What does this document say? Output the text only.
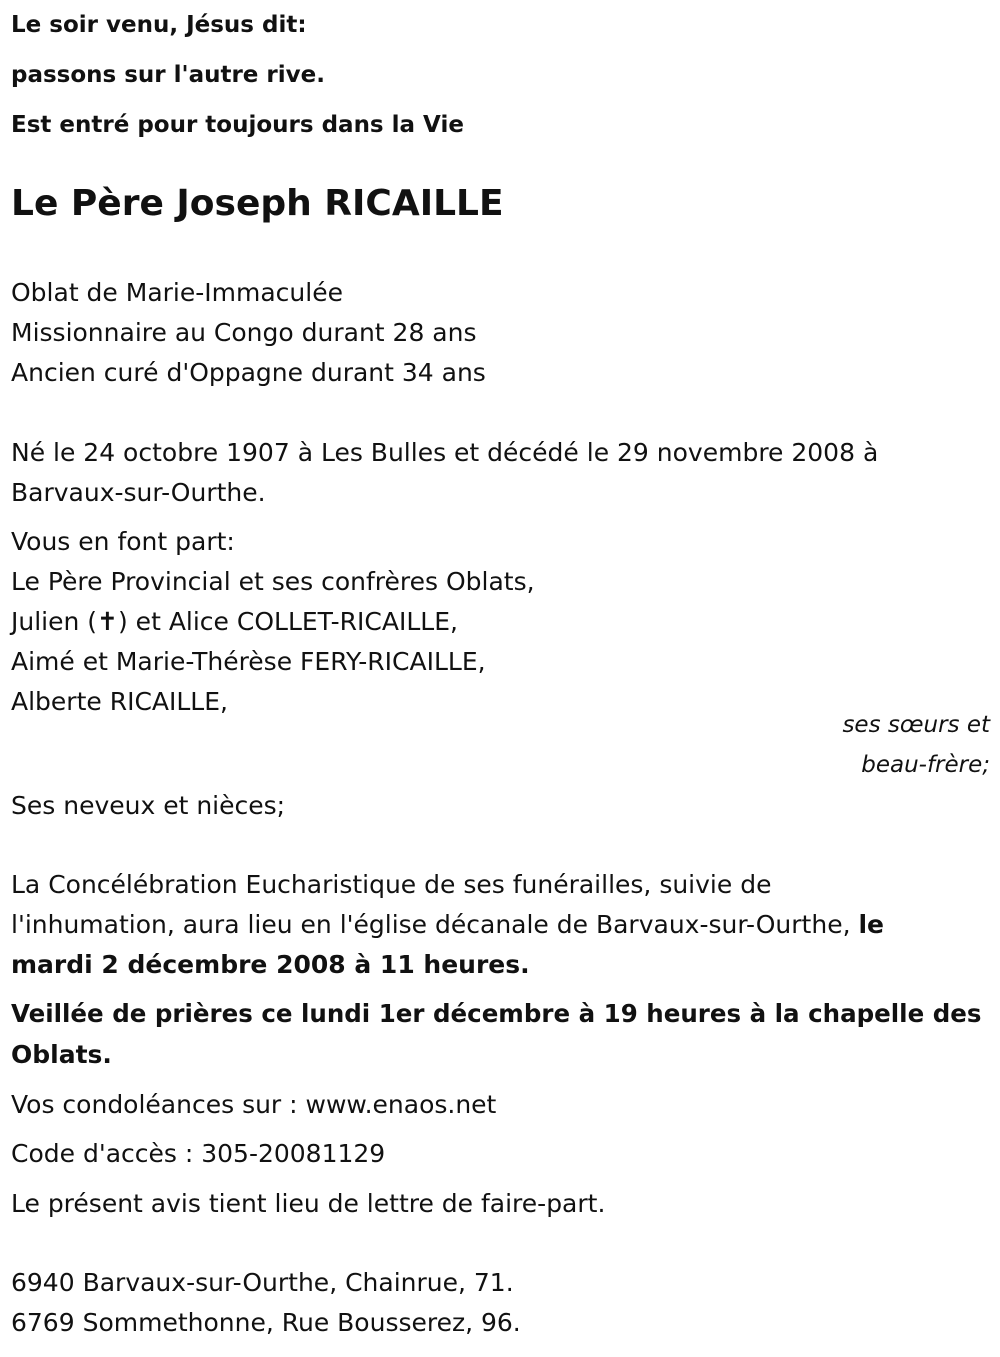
Le soir venu, Jésus dit:

passons sur l'autre rive.

Est entré pour toujours dans la Vie

Le Père Joseph RICAILLE

Oblat de Marie-Immaculée

Missionnaire au Congo durant 28 ans

Ancien curé d'Oppagne durant 34 ans

Né le 24 octobre 1907 à Les Bulles et décédé le 29 novembre 2008 à

Barvaux-sur-Ourthe.

Vous en font part:

Le Père Provincial et ses confrères Oblats,

Julien (✝) et Alice COLLET-RICAILLE,

Aimé et Marie-Thérèse FERY-RICAILLE,

Alberte RICAILLE,

ses sœurs et

beau-frère;

Ses neveux et nièces;

La Concélébration Eucharistique de ses funérailles, suivie de

l'inhumation, aura lieu en l'église décanale de Barvaux-sur-Ourthe, le

mardi 2 décembre 2008 à 11 heures.

Veillée de prières ce lundi 1er décembre à 19 heures à la chapelle des

Oblats.

Vos condoléances sur : www.enaos.net

Code d'accès : 305-20081129

Le présent avis tient lieu de lettre de faire-part.

6940 Barvaux-sur-Ourthe, Chainrue, 71.

6769 Sommethonne, Rue Bousserez, 96.
